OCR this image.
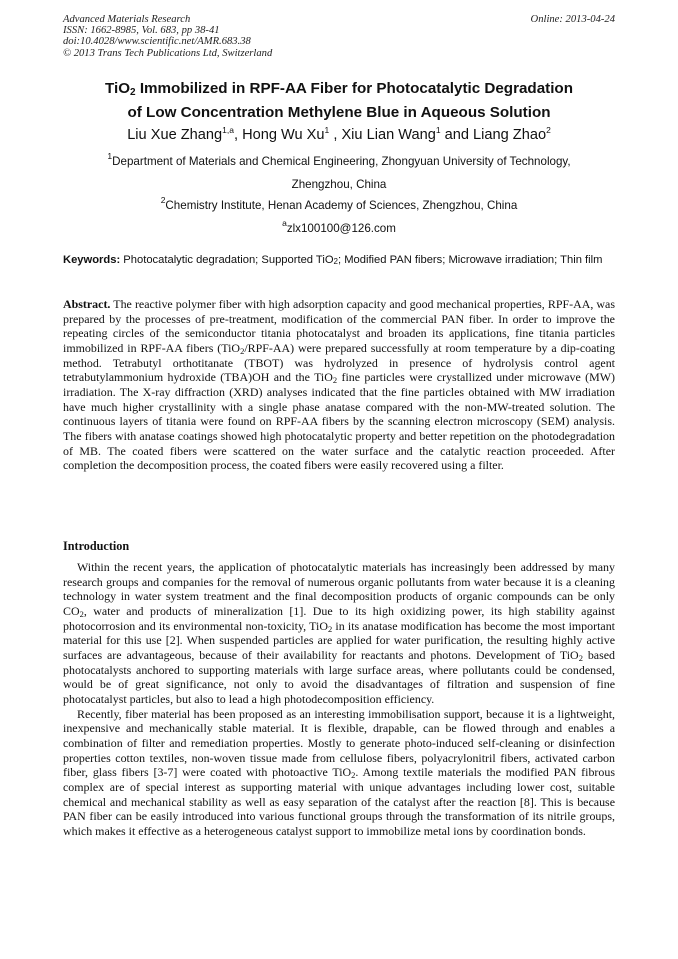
Advanced Materials Research
ISSN: 1662-8985, Vol. 683, pp 38-41
doi:10.4028/www.scientific.net/AMR.683.38
© 2013 Trans Tech Publications Ltd, Switzerland
Online: 2013-04-24
TiO$_2$ Immobilized in RPF-AA Fiber for Photocatalytic Degradation
of Low Concentration Methylene Blue in Aqueous Solution
Liu Xue Zhang$^{1,a}$, Hong Wu Xu$^1$ , Xiu Lian Wang$^1$ and Liang Zhao$^2$
$^1$Department of Materials and Chemical Engineering, Zhongyuan University of Technology,
Zhengzhou, China
$^2$Chemistry Institute, Henan Academy of Sciences, Zhengzhou, China
$^a$zlx100100@126.com
Keywords: Photocatalytic degradation; Supported TiO$_2$; Modified PAN fibers; Microwave irradiation; Thin film

Abstract. The reactive polymer fiber with high adsorption capacity and good mechanical properties, RPF-AA, was prepared by the processes of pre-treatment, modification of the commercial PAN fiber. In order to improve the repeating circles of the semiconductor titania photocatalyst and broaden its applications, fine titania particles immobilized in RPF-AA fibers (TiO$_2$/RPF-AA) were prepared successfully at room temperature by a dip-coating method. Tetrabutyl orthotitanate (TBOT) was hydrolyzed in presence of hydrolysis control agent tetrabutylammonium hydroxide (TBA)OH and the TiO$_2$ fine particles were crystallized under microwave (MW) irradiation. The X-ray diffraction (XRD) analyses indicated that the fine particles obtained with MW irradiation have much higher crystallinity with a single phase anatase compared with the non-MW-treated solution. The continuous layers of titania were found on RPF-AA fibers by the scanning electron microscopy (SEM) analysis. The fibers with anatase coatings showed high photocatalytic property and better repetition on the photodegradation of MB. The coated fibers were scattered on the water surface and the catalytic reaction proceeded. After completion the decomposition process, the coated fibers were easily recovered using a filter.

Introduction

Within the recent years, the application of photocatalytic materials has increasingly been addressed by many research groups and companies for the removal of numerous organic pollutants from water because it is a cleaning technology in water system treatment and the final decomposition products of organic compounds can be only $CO_2$, water and products of mineralization [1]. Due to its high oxidizing power, its high stability against photocorrosion and its environmental non-toxicity, TiO$_2$ in its anatase modification has become the most important material for this use [2]. When suspended particles are applied for water purification, the resulting highly active surfaces are advantageous, because of their availability for reactants and photons. Development of TiO$_2$ based photocatalysts anchored to supporting materials with large surface areas, where pollutants could be condensed, would be of great significance, not only to avoid the disadvantages of filtration and suspension of fine photocatalyst particles, but also to lead a high photodecomposition efficiency.

Recently, fiber material has been proposed as an interesting immobilisation support, because it is a lightweight, inexpensive and mechanically stable material. It is flexible, drapable, can be flowed through and enables a combination of filter and remediation properties. Mostly to generate photo-induced self-cleaning or disinfection properties cotton textiles, non-woven tissue made from cellulose fibers, polyacrylonitril fibers, activated carbon fiber, glass fibers [3-7] were coated with photoactive TiO$_2$. Among textile materials the modified PAN fibrous complex are of special interest as supporting material with unique advantages including lower cost, suitable chemical and mechanical stability as well as easy separation of the catalyst after the reaction [8]. This is because PAN fiber can be easily introduced into various functional groups through the transformation of its nitrile groups, which makes it effective as a heterogeneous catalyst support to immobilize metal ions by coordination bonds.
